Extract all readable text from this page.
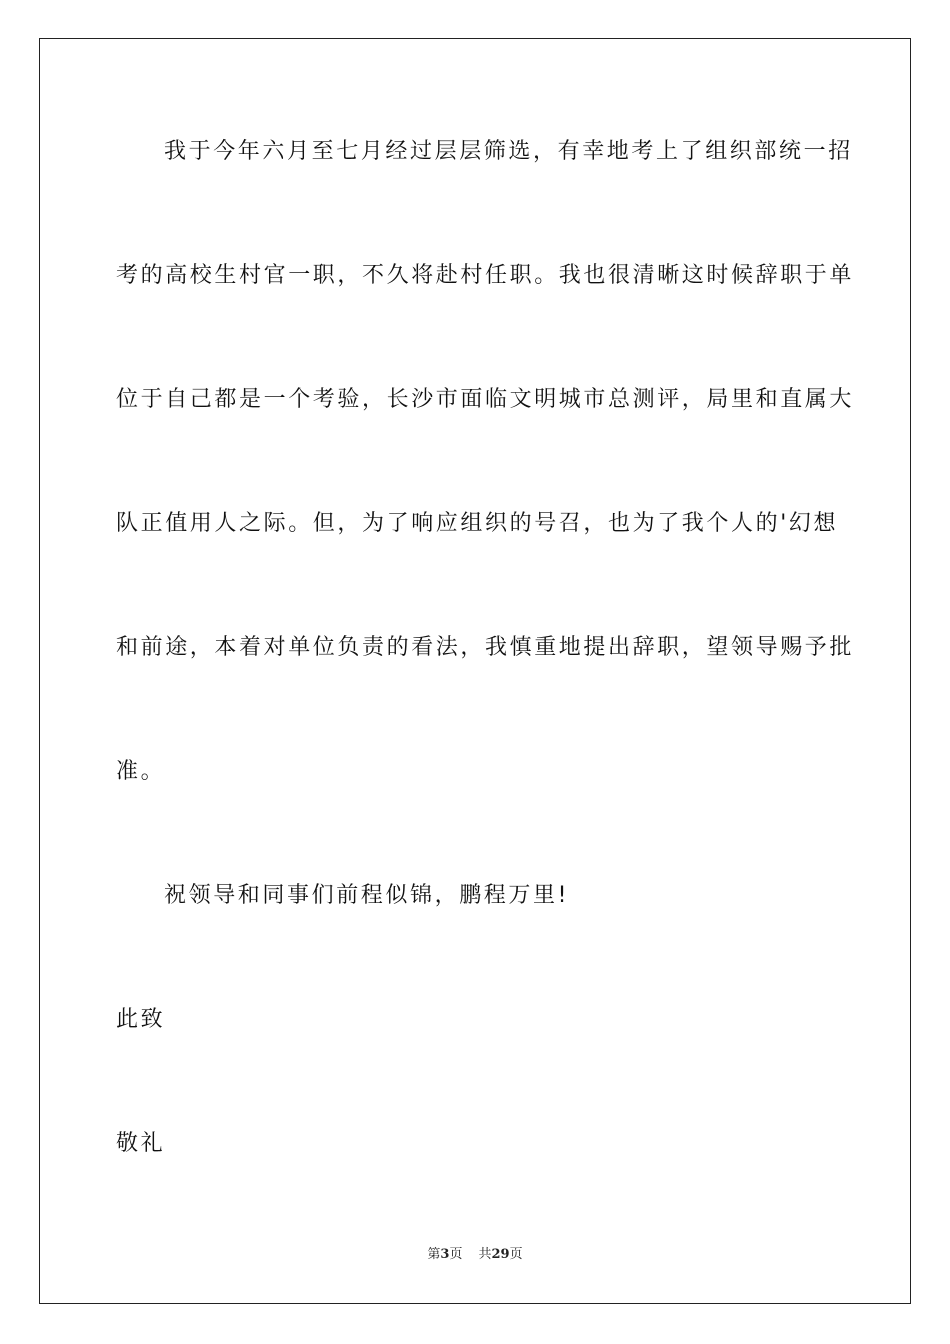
我于今年六月至七月经过层层筛选，有幸地考上了组织部统一招

考的高校生村官一职，不久将赴村任职。我也很清晰这时候辞职于单

位于自己都是一个考验，长沙市面临文明城市总测评，局里和直属大

队正值用人之际。但，为了响应组织的号召，也为了我个人的'幻想

和前途，本着对单位负责的看法，我慎重地提出辞职，望领导赐予批

准。

祝领导和同事们前程似锦，鹏程万里!

此致

敬礼

第3页 共29页
